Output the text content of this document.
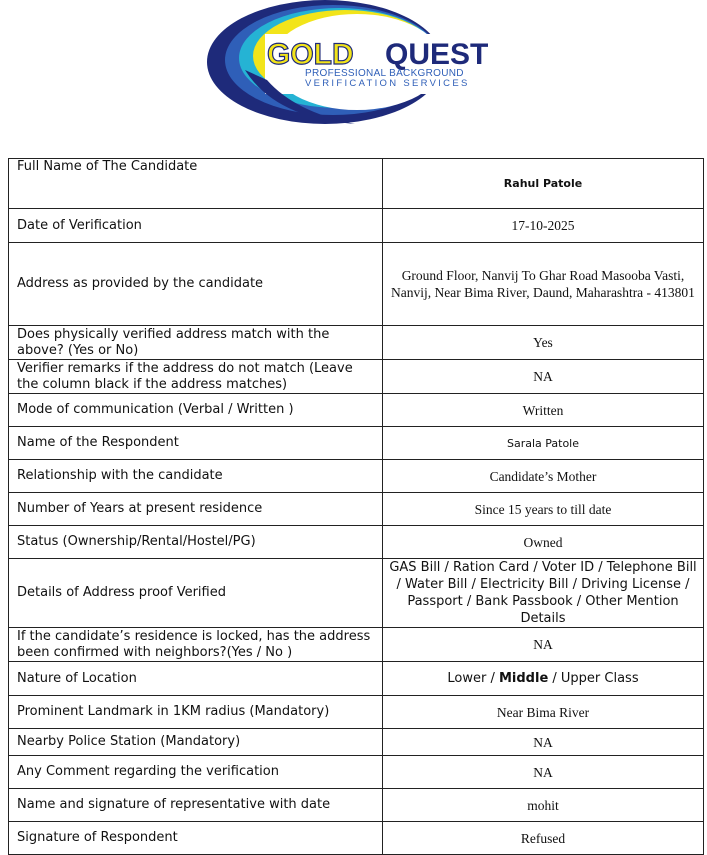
GOLD QUEST
PROFESSIONAL BACKGROUND
VERIFICATION SERVICES
Full Name of The Candidate	Rahul Patole
Date of Verification	17-10-2025
Address as provided by the candidate	Ground Floor, Nanvij To Ghar Road Masooba Vasti, Nanvij, Near Bima River, Daund, Maharashtra - 413801
Does physically verified address match with the above? (Yes or No)	Yes
Verifier remarks if the address do not match (Leave the column black if the address matches)	NA
Mode of communication (Verbal / Written )	Written
Name of the Respondent	Sarala Patole
Relationship with the candidate	Candidate’s Mother
Number of Years at present residence	Since 15 years to till date
Status (Ownership/Rental/Hostel/PG)	Owned
Details of Address proof Verified	GAS Bill / Ration Card / Voter ID / Telephone Bill / Water Bill / Electricity Bill / Driving License / Passport / Bank Passbook / Other Mention Details
If the candidate’s residence is locked, has the address been confirmed with neighbors?(Yes / No )	NA
Nature of Location	Lower / Middle / Upper Class
Prominent Landmark in 1KM radius (Mandatory)	Near Bima River
Nearby Police Station (Mandatory)	NA
Any Comment regarding the verification	NA
Name and signature of representative with date	mohit
Signature of Respondent	Refused
